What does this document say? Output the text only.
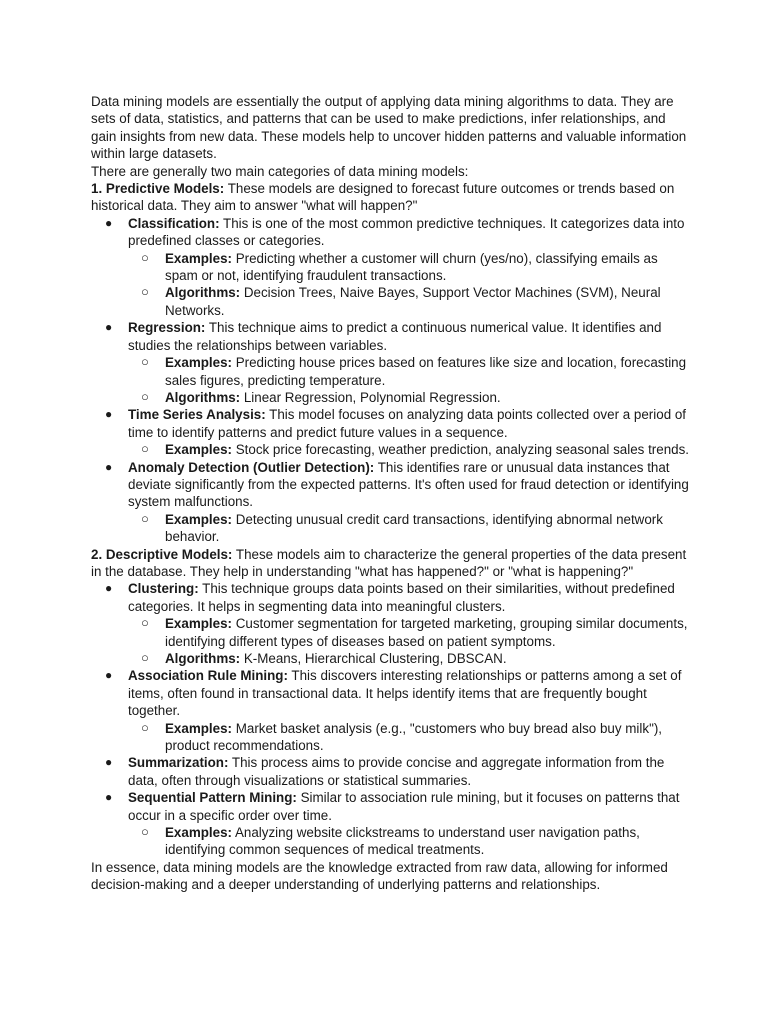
Data mining models are essentially the output of applying data mining algorithms to data. They are sets of data, statistics, and patterns that can be used to make predictions, infer relationships, and gain insights from new data. These models help to uncover hidden patterns and valuable information within large datasets.

There are generally two main categories of data mining models:

1. Predictive Models: These models are designed to forecast future outcomes or trends based on historical data. They aim to answer "what will happen?"

● Classification: This is one of the most common predictive techniques. It categorizes data into predefined classes or categories.
○ Examples: Predicting whether a customer will churn (yes/no), classifying emails as spam or not, identifying fraudulent transactions.
○ Algorithms: Decision Trees, Naive Bayes, Support Vector Machines (SVM), Neural Networks.
● Regression: This technique aims to predict a continuous numerical value. It identifies and studies the relationships between variables.
○ Examples: Predicting house prices based on features like size and location, forecasting sales figures, predicting temperature.
○ Algorithms: Linear Regression, Polynomial Regression.
● Time Series Analysis: This model focuses on analyzing data points collected over a period of time to identify patterns and predict future values in a sequence.
○ Examples: Stock price forecasting, weather prediction, analyzing seasonal sales trends.
● Anomaly Detection (Outlier Detection): This identifies rare or unusual data instances that deviate significantly from the expected patterns. It's often used for fraud detection or identifying system malfunctions.
○ Examples: Detecting unusual credit card transactions, identifying abnormal network behavior.

2. Descriptive Models: These models aim to characterize the general properties of the data present in the database. They help in understanding "what has happened?" or "what is happening?"

● Clustering: This technique groups data points based on their similarities, without predefined categories. It helps in segmenting data into meaningful clusters.
○ Examples: Customer segmentation for targeted marketing, grouping similar documents, identifying different types of diseases based on patient symptoms.
○ Algorithms: K-Means, Hierarchical Clustering, DBSCAN.
● Association Rule Mining: This discovers interesting relationships or patterns among a set of items, often found in transactional data. It helps identify items that are frequently bought together.
○ Examples: Market basket analysis (e.g., "customers who buy bread also buy milk"), product recommendations.
● Summarization: This process aims to provide concise and aggregate information from the data, often through visualizations or statistical summaries.
● Sequential Pattern Mining: Similar to association rule mining, but it focuses on patterns that occur in a specific order over time.
○ Examples: Analyzing website clickstreams to understand user navigation paths, identifying common sequences of medical treatments.

In essence, data mining models are the knowledge extracted from raw data, allowing for informed decision-making and a deeper understanding of underlying patterns and relationships.
